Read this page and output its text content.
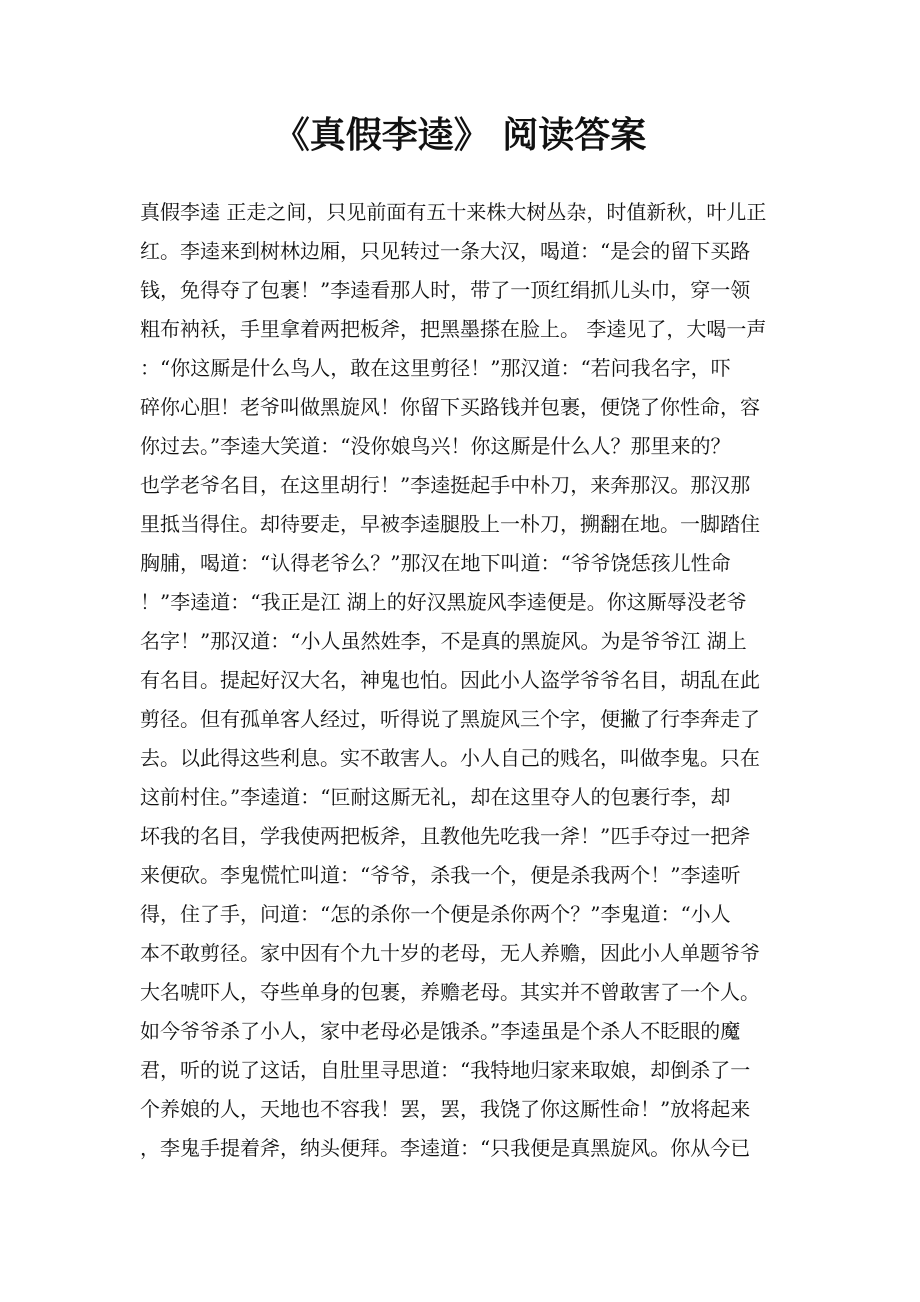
《真假李逵》 阅读答案
真假李逵 正走之间，只见前面有五十来株大树丛杂，时值新秋，叶儿正
红。李逵来到树林边厢，只见转过一条大汉，喝道：“是会的留下买路
钱，免得夺了包裹！”李逵看那人时，带了一顶红绢抓儿头巾，穿一领
粗布衲袄，手里拿着两把板斧，把黑墨搽在脸上。 李逵见了，大喝一声
：“你这厮是什么鸟人，敢在这里剪径！”那汉道：“若问我名字，吓
碎你心胆！老爷叫做黑旋风！你留下买路钱并包裹，便饶了你性命，容
你过去。”李逵大笑道：“没你娘鸟兴！你这厮是什么人？那里来的？
也学老爷名目，在这里胡行！”李逵挺起手中朴刀，来奔那汉。那汉那
里抵当得住。却待要走，早被李逵腿股上一朴刀，搠翻在地。一脚踏住
胸脯，喝道：“认得老爷么？”那汉在地下叫道：“爷爷饶恁孩儿性命
！”李逵道：“我正是江 湖上的好汉黑旋风李逵便是。你这厮辱没老爷
名字！”那汉道：“小人虽然姓李，不是真的黑旋风。为是爷爷江 湖上
有名目。提起好汉大名，神鬼也怕。因此小人盗学爷爷名目，胡乱在此
剪径。但有孤单客人经过，听得说了黑旋风三个字，便撇了行李奔走了
去。以此得这些利息。实不敢害人。小人自己的贱名，叫做李鬼。只在
这前村住。”李逵道：“叵耐这厮无礼，却在这里夺人的包裹行李，却
坏我的名目，学我使两把板斧，且教他先吃我一斧！”匹手夺过一把斧
来便砍。李鬼慌忙叫道：“爷爷，杀我一个，便是杀我两个！”李逵听
得，住了手，问道：“怎的杀你一个便是杀你两个？”李鬼道：“小人
本不敢剪径。家中因有个九十岁的老母，无人养赡，因此小人单题爷爷
大名唬吓人，夺些单身的包裹，养赡老母。其实并不曾敢害了一个人。
如今爷爷杀了小人，家中老母必是饿杀。”李逵虽是个杀人不眨眼的魔
君，听的说了这话，自肚里寻思道：“我特地归家来取娘，却倒杀了一
个养娘的人，天地也不容我！罢，罢，我饶了你这厮性命！”放将起来
，李鬼手提着斧，纳头便拜。李逵道：“只我便是真黑旋风。你从今已
